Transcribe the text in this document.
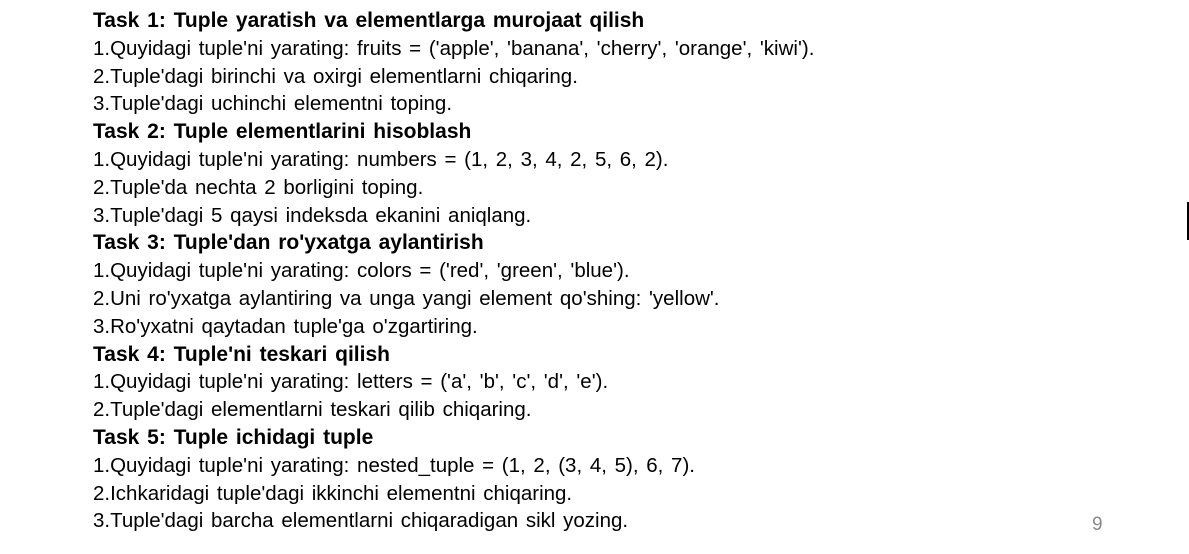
Task 1: Tuple yaratish va elementlarga murojaat qilish
1.Quyidagi tuple'ni yarating: fruits = ('apple', 'banana', 'cherry', 'orange', 'kiwi').
2.Tuple'dagi birinchi va oxirgi elementlarni chiqaring.
3.Tuple'dagi uchinchi elementni toping.
Task 2: Tuple elementlarini hisoblash
1.Quyidagi tuple'ni yarating: numbers = (1, 2, 3, 4, 2, 5, 6, 2).
2.Tuple'da nechta 2 borligini toping.
3.Tuple'dagi 5 qaysi indeksda ekanini aniqlang.
Task 3: Tuple'dan ro'yxatga aylantirish
1.Quyidagi tuple'ni yarating: colors = ('red', 'green', 'blue').
2.Uni ro'yxatga aylantiring va unga yangi element qo'shing: 'yellow'.
3.Ro'yxatni qaytadan tuple'ga o'zgartiring.
Task 4: Tuple'ni teskari qilish
1.Quyidagi tuple'ni yarating: letters = ('a', 'b', 'c', 'd', 'e').
2.Tuple'dagi elementlarni teskari qilib chiqaring.
Task 5: Tuple ichidagi tuple
1.Quyidagi tuple'ni yarating: nested_tuple = (1, 2, (3, 4, 5), 6, 7).
2.Ichkaridagi tuple'dagi ikkinchi elementni chiqaring.
3.Tuple'dagi barcha elementlarni chiqaradigan sikl yozing.	9
